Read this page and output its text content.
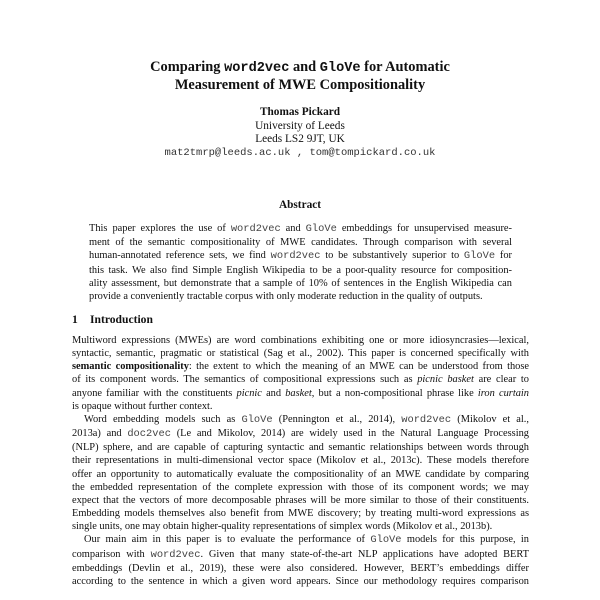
Comparing word2vec and GloVe for Automatic
Measurement of MWE Compositionality
Thomas Pickard
University of Leeds
Leeds LS2 9JT, UK
mat2tmrp@leeds.ac.uk , tom@tompickard.co.uk
Abstract
This paper explores the use of word2vec and GloVe embeddings for unsupervised measure-
ment of the semantic compositionality of MWE candidates. Through comparison with several
human-annotated reference sets, we find word2vec to be substantively superior to GloVe for
this task. We also find Simple English Wikipedia to be a poor-quality resource for composition-
ality assessment, but demonstrate that a sample of 10% of sentences in the English Wikipedia can
provide a conveniently tractable corpus with only moderate reduction in the quality of outputs.
1 Introduction
Multiword expressions (MWEs) are word combinations exhibiting one or more idiosyncrasies—lexical,
syntactic, semantic, pragmatic or statistical (Sag et al., 2002). This paper is concerned specifically with
semantic compositionality: the extent to which the meaning of an MWE can be understood from those
of its component words. The semantics of compositional expressions such as picnic basket are clear to
anyone familiar with the constituents picnic and basket, but a non-compositional phrase like iron curtain
is opaque without further context.
Word embedding models such as GloVe (Pennington et al., 2014), word2vec (Mikolov et al.,
2013a) and doc2vec (Le and Mikolov, 2014) are widely used in the Natural Language Processing
(NLP) sphere, and are capable of capturing syntactic and semantic relationships between words through
their representations in multi-dimensional vector space (Mikolov et al., 2013c). These models therefore
offer an opportunity to automatically evaluate the compositionality of an MWE candidate by comparing
the embedded representation of the complete expression with those of its component words; we may
expect that the vectors of more decomposable phrases will be more similar to those of their constituents.
Embedding models themselves also benefit from MWE discovery; by treating multi-word expressions as
single units, one may obtain higher-quality representations of simplex words (Mikolov et al., 2013b).
Our main aim in this paper is to evaluate the performance of GloVe models for this purpose, in
comparison with word2vec. Given that many state-of-the-art NLP applications have adopted BERT
embeddings (Devlin et al., 2019), these were also considered. However, BERT’s embeddings differ
according to the sentence in which a given word appears. Since our methodology requires comparison
